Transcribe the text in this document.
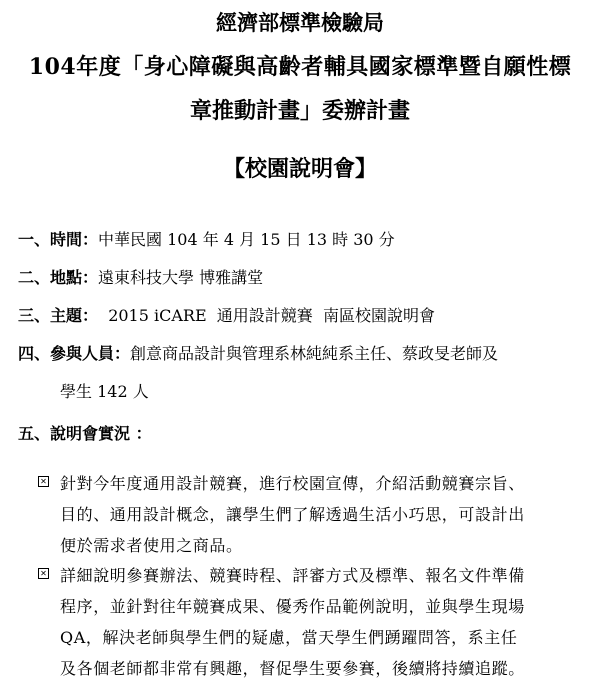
經濟部標準檢驗局
104年度「身心障礙與高齡者輔具國家標準暨自願性標
章推動計畫」委辦計畫
【校園說明會】
一、時間：中華民國 104 年 4 月 15 日 13 時 30 分
二、地點：遠東科技大學 博雅講堂
三、主題：  2015 iCARE  通用設計競賽  南區校園說明會
四、參與人員：創意商品設計與管理系林純純系主任、蔡政旻老師及
學生 142 人
五、說明會實況 ：
✕ 針對今年度通用設計競賽，進行校園宣傳，介紹活動競賽宗旨、
目的、通用設計概念，讓學生們了解透過生活小巧思，可設計出
便於需求者使用之商品。
✕ 詳細說明參賽辦法、競賽時程、評審方式及標準、報名文件準備
程序，並針對往年競賽成果、優秀作品範例說明，並與學生現場
QA，解決老師與學生們的疑慮，當天學生們踴躍問答，系主任
及各個老師都非常有興趣，督促學生要參賽，後續將持續追蹤。
